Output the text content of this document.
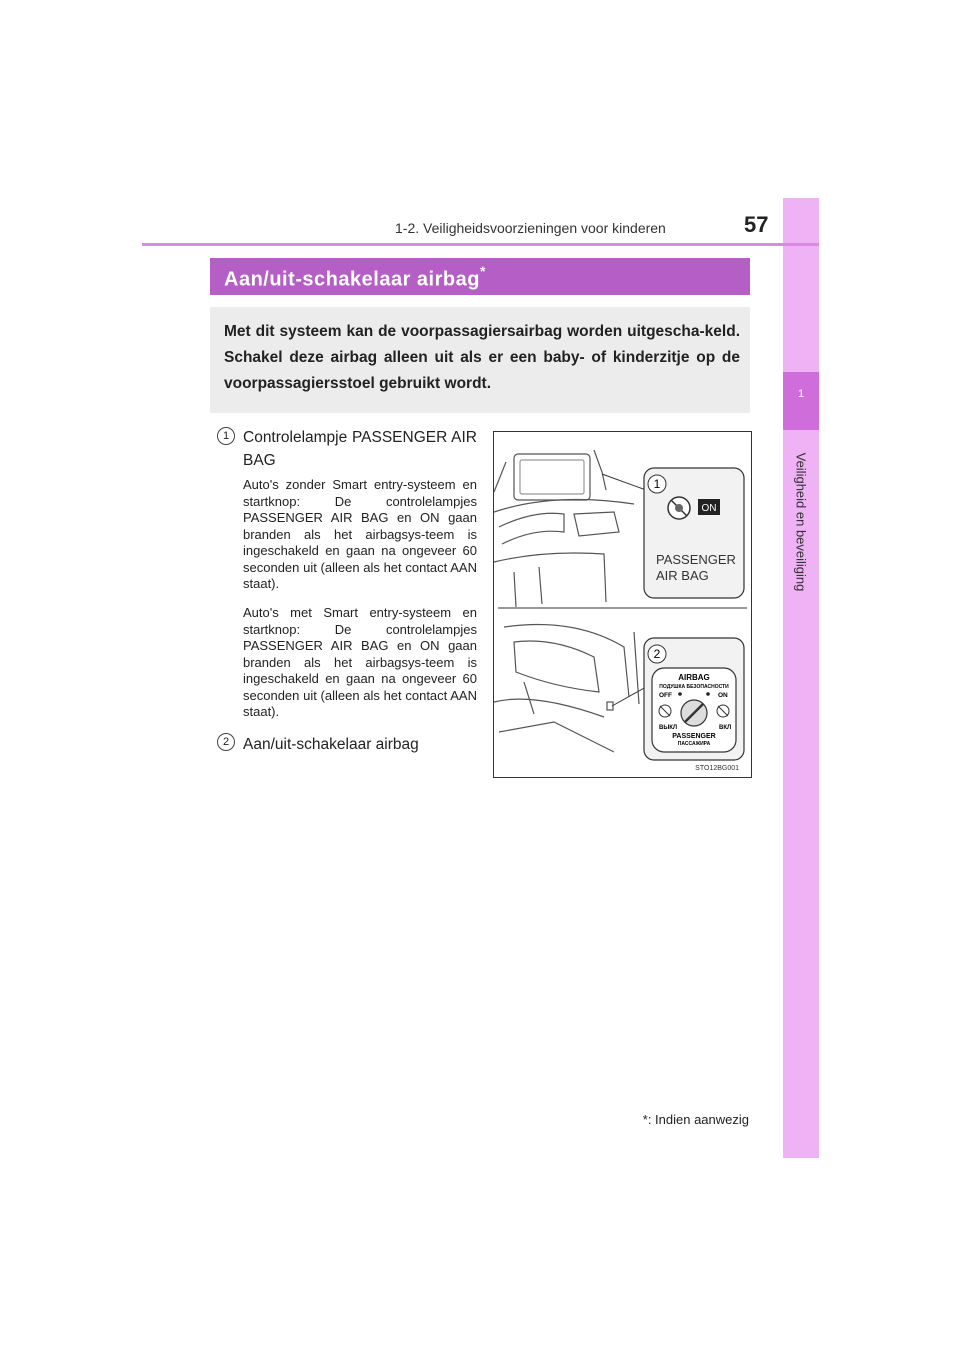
1
Veiligheid en beveiliging
1-2. Veiligheidsvoorzieningen voor kinderen	57
Aan/uit-schakelaar airbag*
Met dit systeem kan de voorpassagiersairbag worden uitgescha-keld. Schakel deze airbag alleen uit als er een baby- of kinderzitje op de voorpassagiersstoel gebruikt wordt.
1 Controlelampje PASSENGER AIR BAG
Auto's zonder Smart entry-systeem en startknop: De controlelampjes PASSENGER AIR BAG en ON gaan branden als het airbagsys-teem is ingeschakeld en gaan na ongeveer 60 seconden uit (alleen als het contact AAN staat).
Auto's met Smart entry-systeem en startknop: De controlelampjes PASSENGER AIR BAG en ON gaan branden als het airbagsys-teem is ingeschakeld en gaan na ongeveer 60 seconden uit (alleen als het contact AAN staat).
2 Aan/uit-schakelaar airbag
1
ON
PASSENGER
AIR BAG
2
AIRBAG
ПОДУШКА БЕЗОПАСНОСТИ
OFF	ON
ВЫКЛ	ВКЛ
PASSENGER
ПАССАЖИРА
STO12BG001
*: Indien aanwezig
